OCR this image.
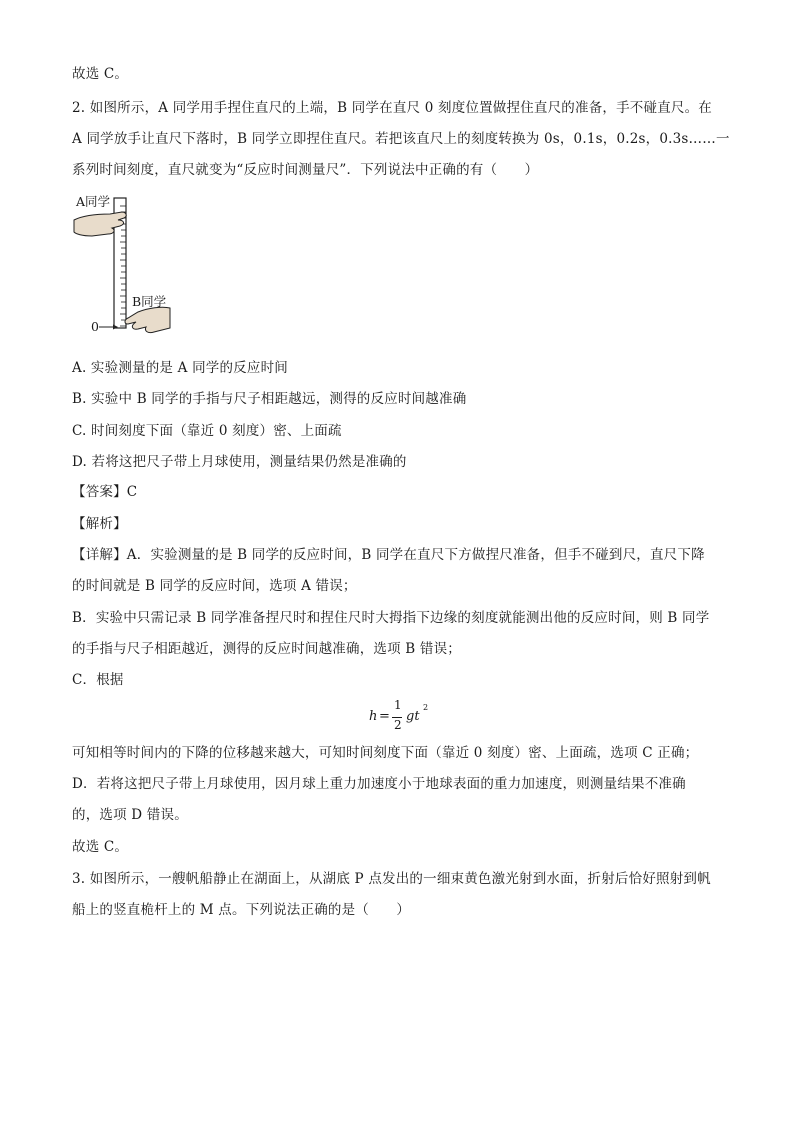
故选 C。
2. 如图所示，A 同学用手捏住直尺的上端，B 同学在直尺 0 刻度位置做捏住直尺的准备，手不碰直尺。在
A 同学放手让直尺下落时，B 同学立即捏住直尺。若把该直尺上的刻度转换为 0s，0.1s，0.2s，0.3s……一
系列时间刻度，直尺就变为“反应时间测量尺”．下列说法中正确的有（　　）
A同学
B同学
0
A. 实验测量的是 A 同学的反应时间
B. 实验中 B 同学的手指与尺子相距越远，测得的反应时间越准确
C. 时间刻度下面（靠近 0 刻度）密、上面疏
D. 若将这把尺子带上月球使用，测量结果仍然是准确的
【答案】C
【解析】
【详解】A．实验测量的是 B 同学的反应时间，B 同学在直尺下方做捏尺准备，但手不碰到尺，直尺下降
的时间就是 B 同学的反应时间，选项 A 错误；
B．实验中只需记录 B 同学准备捏尺时和捏住尺时大拇指下边缘的刻度就能测出他的反应时间，则 B 同学
的手指与尺子相距越近，测得的反应时间越准确，选项 B 错误；
C．根据
h =
1
2
gt
2
可知相等时间内的下降的位移越来越大，可知时间刻度下面（靠近 0 刻度）密、上面疏，选项 C 正确；
D．若将这把尺子带上月球使用，因月球上重力加速度小于地球表面的重力加速度，则测量结果不准确
的，选项 D 错误。
故选 C。
3. 如图所示，一艘帆船静止在湖面上，从湖底 P 点发出的一细束黄色激光射到水面，折射后恰好照射到帆
船上的竖直桅杆上的 M 点。下列说法正确的是（　　）
